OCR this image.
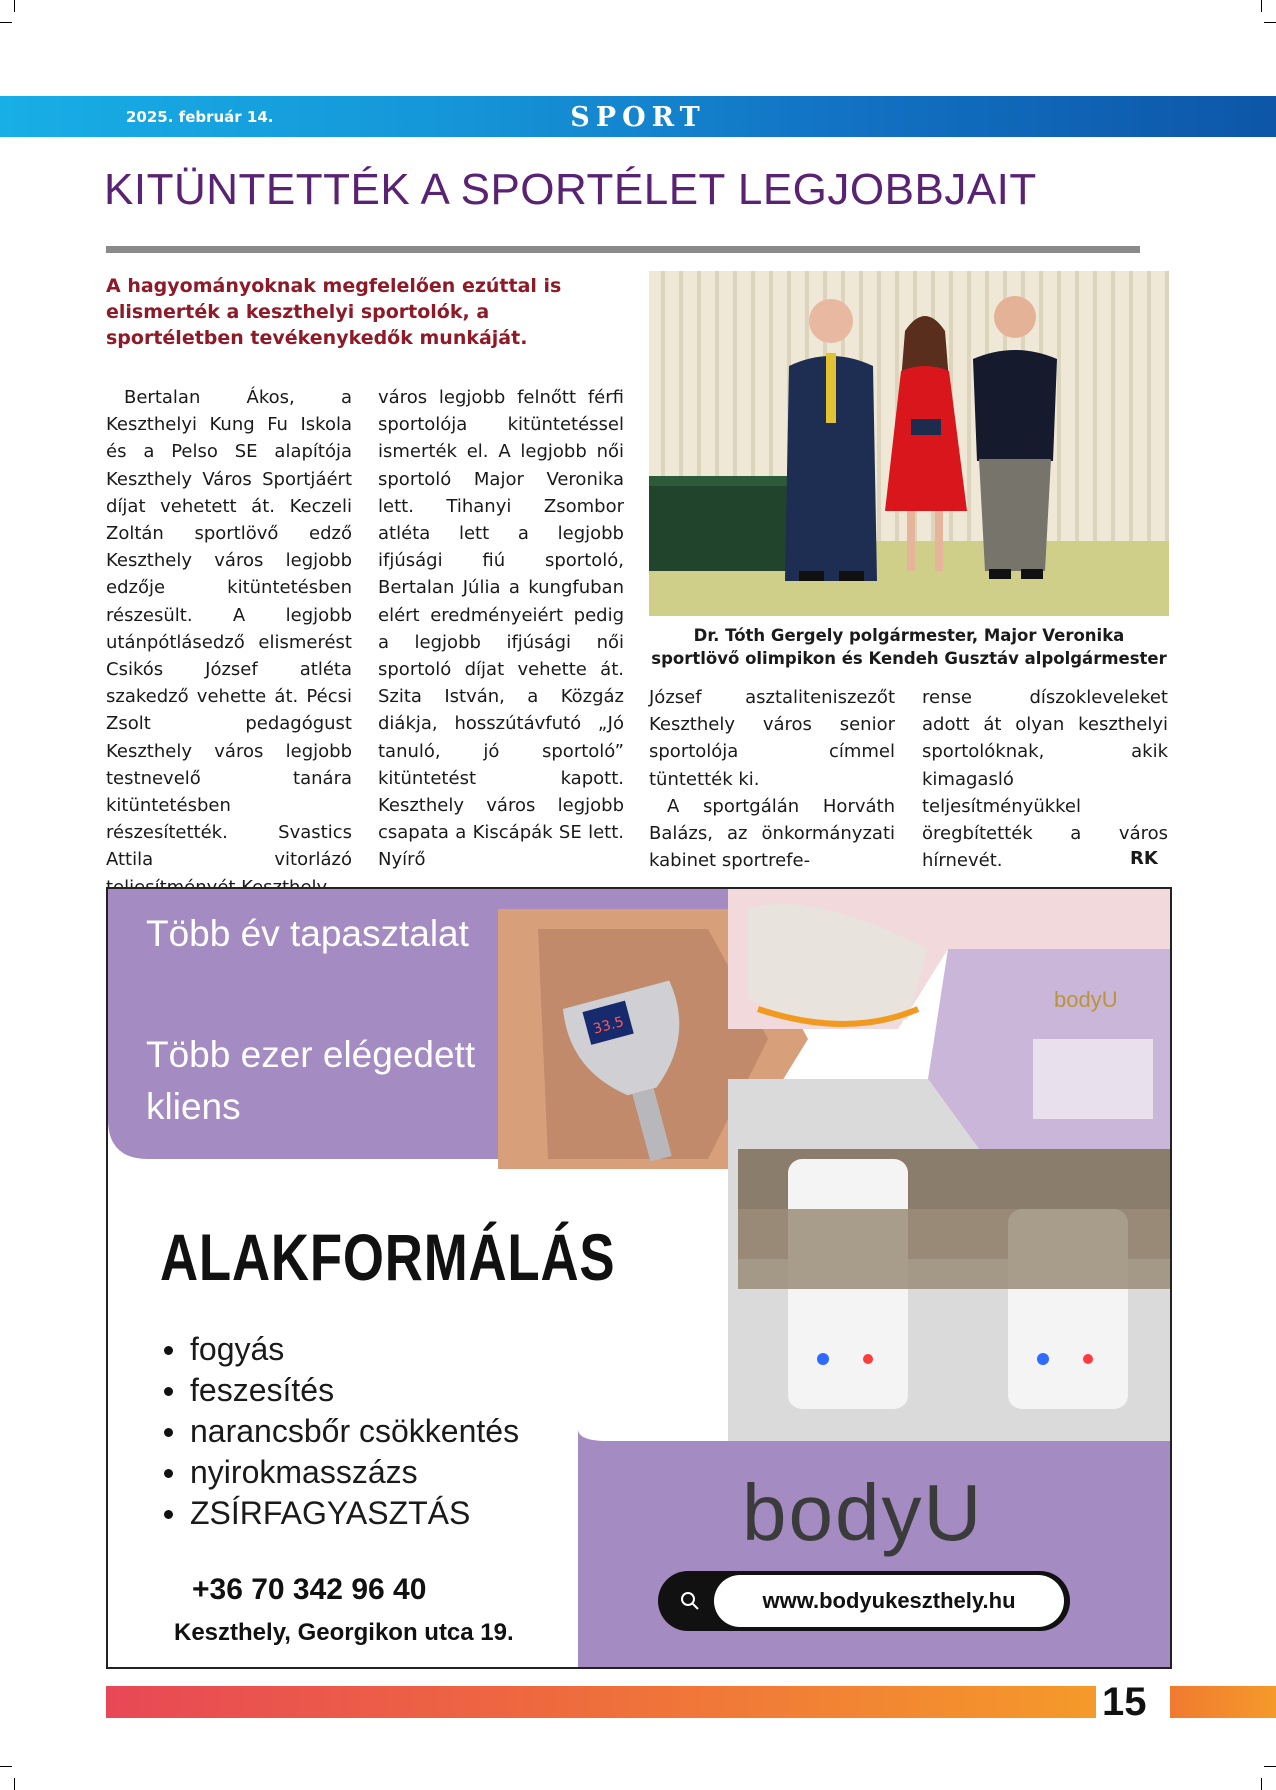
2025. február 14.	SPORT
KITÜNTETTÉK A SPORTÉLET LEGJOBBJAIT

A hagyományoknak megfelelően ezúttal is elismerték a keszthelyi sportolók, a sportéletben tevékenykedők munkáját.

Bertalan Ákos, a Keszthelyi Kung Fu Iskola és a Pelso SE alapítója Keszthely Város Sportjáért díjat vehetett át. Keczeli Zoltán sportlövő edző Keszthely város legjobb edzője kitüntetésben részesült. A legjobb utánpótlásedző elismerést Csikós József atléta szakedző vehette át. Pécsi Zsolt pedagógust Keszthely város legjobb testnevelő tanára kitüntetésben részesítették. Svastics Attila vitorlázó

város legjobb felnőtt férfi sportolója kitüntetéssel ismerték el. A legjobb női sportoló Major Veronika lett. Tihanyi Zsombor atléta lett a legjobb ifjúsági fiú sportoló, Bertalan Júlia a kungfuban elért eredményeiért pedig a legjobb ifjúsági női sportoló díjat vehette át. Szita István, a Közgáz diákja, hosszútávfutó „Jó tanuló, jó sportoló” kitüntetést kapott. Keszthely város legjobb csapata a Kiscápák SE lett. Nyírő

József asztaliteniszezőt Keszthely város senior sportolója címmel tüntették ki.

A sportgálán Horváth Balázs, az önkormányzati kabinet sportrefe-

rense díszokleveleket adott át olyan keszthelyi sportolóknak, akik kimagasló teljesítményükkel öregbítették a város hírnevét.	RK

Dr. Tóth Gergely polgármester, Major Veronika sportlövő olimpikon és Kendeh Gusztáv alpolgármester

33.5
bodyU
Több év tapasztalat
Több ezer elégedett kliens
ALAKFORMÁLÁS
fogyás
feszesítés
narancsbőr csökkentés
nyirokmasszázs
ZSÍRFAGYASZTÁS
+36 70 342 96 40
Keszthely, Georgikon utca 19.
bodyU
www.bodyukeszthely.hu
15
